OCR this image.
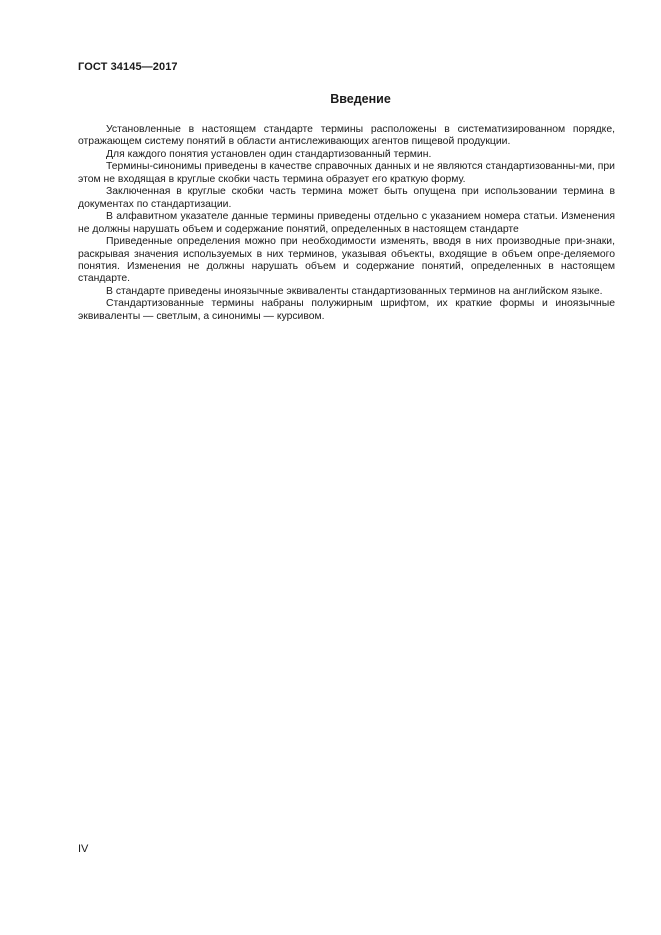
ГОСТ 34145—2017
Введение

Установленные в настоящем стандарте термины расположены в систематизированном порядке, отражающем систему понятий в области антислеживающих агентов пищевой продукции.

Для каждого понятия установлен один стандартизованный термин.

Термины-синонимы приведены в качестве справочных данных и не являются стандартизованны-ми, при этом не входящая в круглые скобки часть термина образует его краткую форму.

Заключенная в круглые скобки часть термина может быть опущена при использовании термина в документах по стандартизации.

В алфавитном указателе данные термины приведены отдельно с указанием номера статьи. Изменения не должны нарушать объем и содержание понятий, определенных в настоящем стандарте

Приведенные определения можно при необходимости изменять, вводя в них производные при-знаки, раскрывая значения используемых в них терминов, указывая объекты, входящие в объем опре-деляемого понятия. Изменения не должны нарушать объем и содержание понятий, определенных в настоящем стандарте.

В стандарте приведены иноязычные эквиваленты стандартизованных терминов на английском языке.

Стандартизованные термины набраны полужирным шрифтом, их краткие формы и иноязычные эквиваленты — светлым, а синонимы — курсивом.

IV
